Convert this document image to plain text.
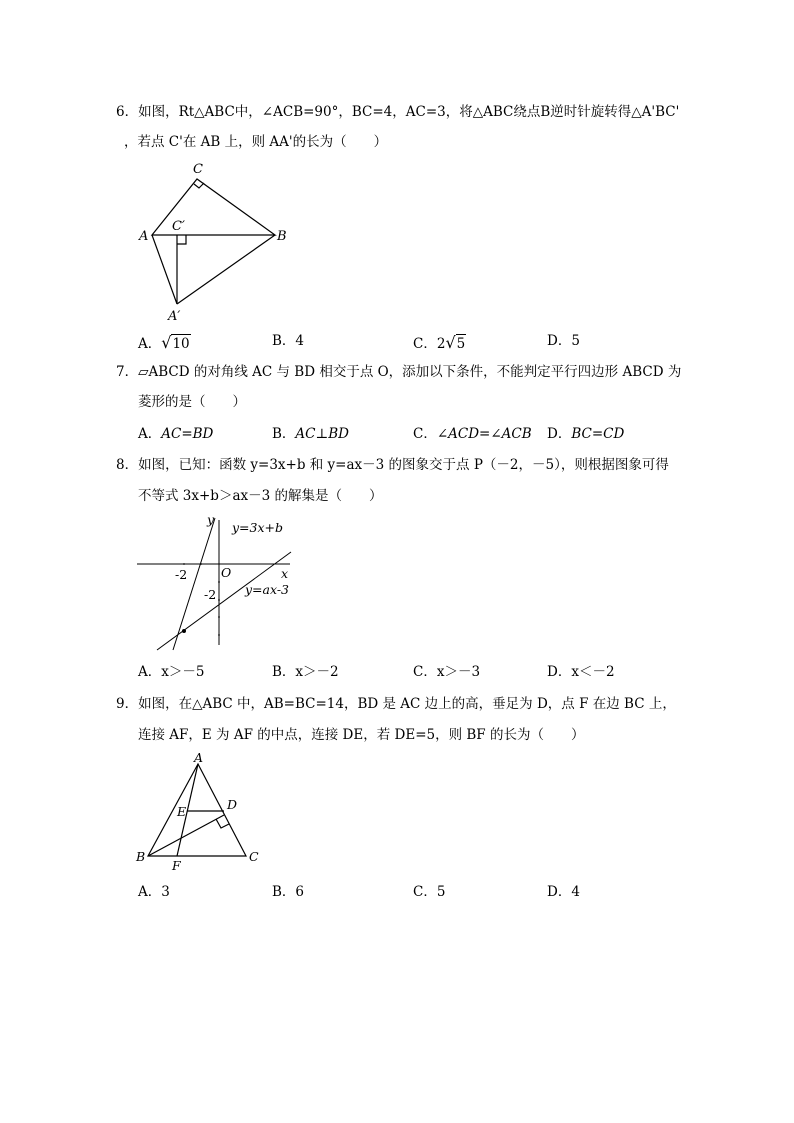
6．如图，Rt△ABC中，∠ACB=90°，BC=4，AC=3，将△ABC绕点B逆时针旋转得△A'BC'
，若点 C'在 AB 上，则 AA'的长为（　　）
A	B
C
C′
A′
A．√10	B．4	C．2√5	D．5
7．▱ABCD 的对角线 AC 与 BD 相交于点 O，添加以下条件，不能判定平行四边形 ABCD 为
菱形的是（　　）
A．AC=BD	B．AC⊥BD	C．∠ACD=∠ACB D．BC=CD
8．如图，已知：函数 y=3x+b 和 y=ax－3 的图象交于点 P（－2，－5），则根据图象可得
不等式 3x+b＞ax－3 的解集是（　　）
y
x
O
-2
-2
y=3x+b
y=ax-3
A．x＞－5	B．x＞－2	C．x＞－3	D．x＜－2
9．如图，在△ABC 中，AB=BC=14，BD 是 AC 边上的高，垂足为 D，点 F 在边 BC 上，
连接 AF，E 为 AF 的中点，连接 DE，若 DE=5，则 BF 的长为（　　）
A
B	C
D
E
F
A．3	B．6	C．5	D．4
